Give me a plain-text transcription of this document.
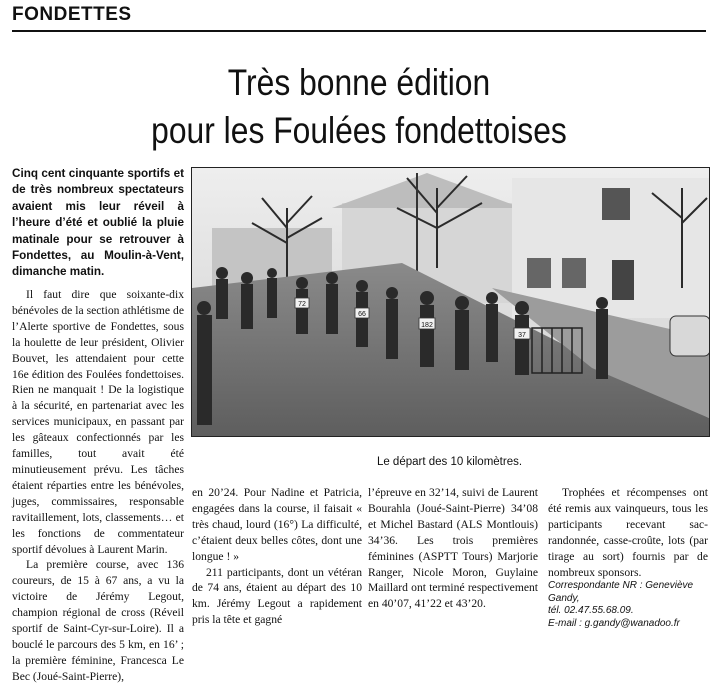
FONDETTES
Très bonne édition
pour les Foulées fondettoises
Cinq cent cinquante sportifs et de très nombreux spectateurs avaient mis leur réveil à l’heure d’été et oublié la pluie matinale pour se retrouver à Fondettes, au Moulin-à-Vent, dimanche matin.
72
66
182
37
Le départ des 10 kilomètres.

Il faut dire que soixante-dix bénévoles de la section athlétisme de l’Alerte sportive de Fondettes, sous la houlette de leur président, Olivier Bouvet, les attendaient pour cette 16e édition des Foulées fondettoises. Rien ne manquait ! De la logistique à la sécurité, en partenariat avec les services municipaux, en passant par les gâteaux confectionnés par les familles, tout avait été minutieusement prévu. Les tâches étaient réparties entre les bénévoles, juges, commissaires, responsable ravitaillement, lots, classements… et les fonctions de commentateur sportif dévolues à Laurent Marin.

La première course, avec 136 coureurs, de 15 à 67 ans, a vu la victoire de Jérémy Legout, champion régional de cross (Réveil sportif de Saint-Cyr-sur-Loire). Il a bouclé le parcours des 5 km, en 16’ ; la première féminine, Francesca Le Bec (Joué-Saint-Pierre),

en 20’24. Pour Nadine et Patricia, engagées dans la course, il faisait « très chaud, lourd (16°) La difficulté, c’étaient deux belles côtes, dont une longue ! »

211 participants, dont un vétéran de 74 ans, étaient au départ des 10 km. Jérémy Legout a rapidement pris la tête et gagné

l’épreuve en 32’14, suivi de Laurent Bourahla (Joué-Saint-Pierre) 34’08 et Michel Bastard (ALS Montlouis) 34’36. Les trois premières féminines (ASPTT Tours) Marjorie Ranger, Nicole Moron, Guylaine Maillard ont terminé respectivement en 40’07, 41’22 et 43’20.

Trophées et récompenses ont été remis aux vainqueurs, tous les participants recevant sac-randonnée, casse-croûte, lots (par tirage au sort) fournis par de nombreux sponsors.

Correspondante NR : Geneviève Gandy,
tél. 02.47.55.68.09.
E-mail : g.gandy@wanadoo.fr
